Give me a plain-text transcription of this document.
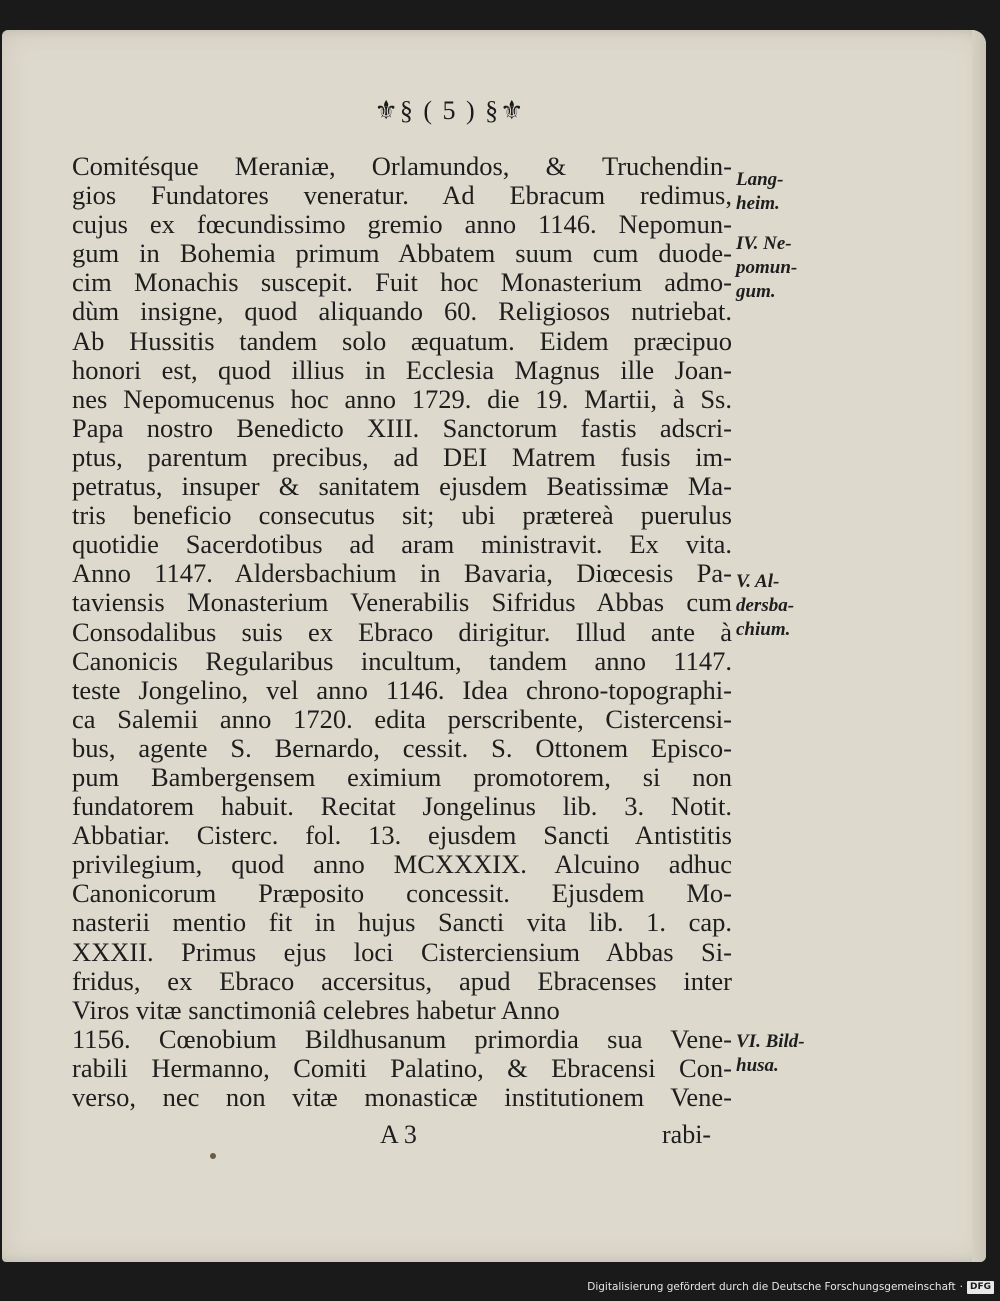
⚜§ ( 5 ) §⚜
Comitésque Meraniæ, Orlamundos, & Truchendin-
gios Fundatores veneratur. Ad Ebracum redimus,
cujus ex fœcundissimo gremio anno 1146. Nepomun-
gum in Bohemia primum Abbatem suum cum duode-
cim Monachis suscepit. Fuit hoc Monasterium admo-
dùm insigne, quod aliquando 60. Religiosos nutriebat.
Ab Hussitis tandem solo æquatum. Eidem præcipuo
honori est, quod illius in Ecclesia Magnus ille Joan-
nes Nepomucenus hoc anno 1729. die 19. Martii, à Ss.
Papa nostro Benedicto XIII. Sanctorum fastis adscri-
ptus, parentum precibus, ad DEI Matrem fusis im-
petratus, insuper & sanitatem ejusdem Beatissimæ Ma-
tris beneficio consecutus sit; ubi prætereà puerulus
quotidie Sacerdotibus ad aram ministravit. Ex vita.
Anno 1147. Aldersbachium in Bavaria, Diœcesis Pa-
taviensis Monasterium Venerabilis Sifridus Abbas cum
Consodalibus suis ex Ebraco dirigitur. Illud ante à
Canonicis Regularibus incultum, tandem anno 1147.
teste Jongelino, vel anno 1146. Idea chrono-topographi-
ca Salemii anno 1720. edita perscribente, Cistercensi-
bus, agente S. Bernardo, cessit. S. Ottonem Episco-
pum Bambergensem eximium promotorem, si non
fundatorem habuit. Recitat Jongelinus lib. 3. Notit.
Abbatiar. Cisterc. fol. 13. ejusdem Sancti Antistitis
privilegium, quod anno MCXXXIX. Alcuino adhuc
Canonicorum Præposito concessit. Ejusdem Mo-
nasterii mentio fit in hujus Sancti vita lib. 1. cap.
XXXII. Primus ejus loci Cisterciensium Abbas Si-
fridus, ex Ebraco accersitus, apud Ebracenses inter
Viros vitæ sanctimoniâ celebres habetur Anno
1156. Cœnobium Bildhusanum primordia sua Vene-
rabili Hermanno, Comiti Palatino, & Ebracensi Con-
verso, nec non vitæ monasticæ institutionem Vene-
Lang-
heim.
IV. Ne-
pomun-
gum.
V. Al-
dersba-
chium.
VI. Bild-
husa.
A 3	rabi-
Digitalisierung gefördert durch die Deutsche Forschungsgemeinschaft · DFG
